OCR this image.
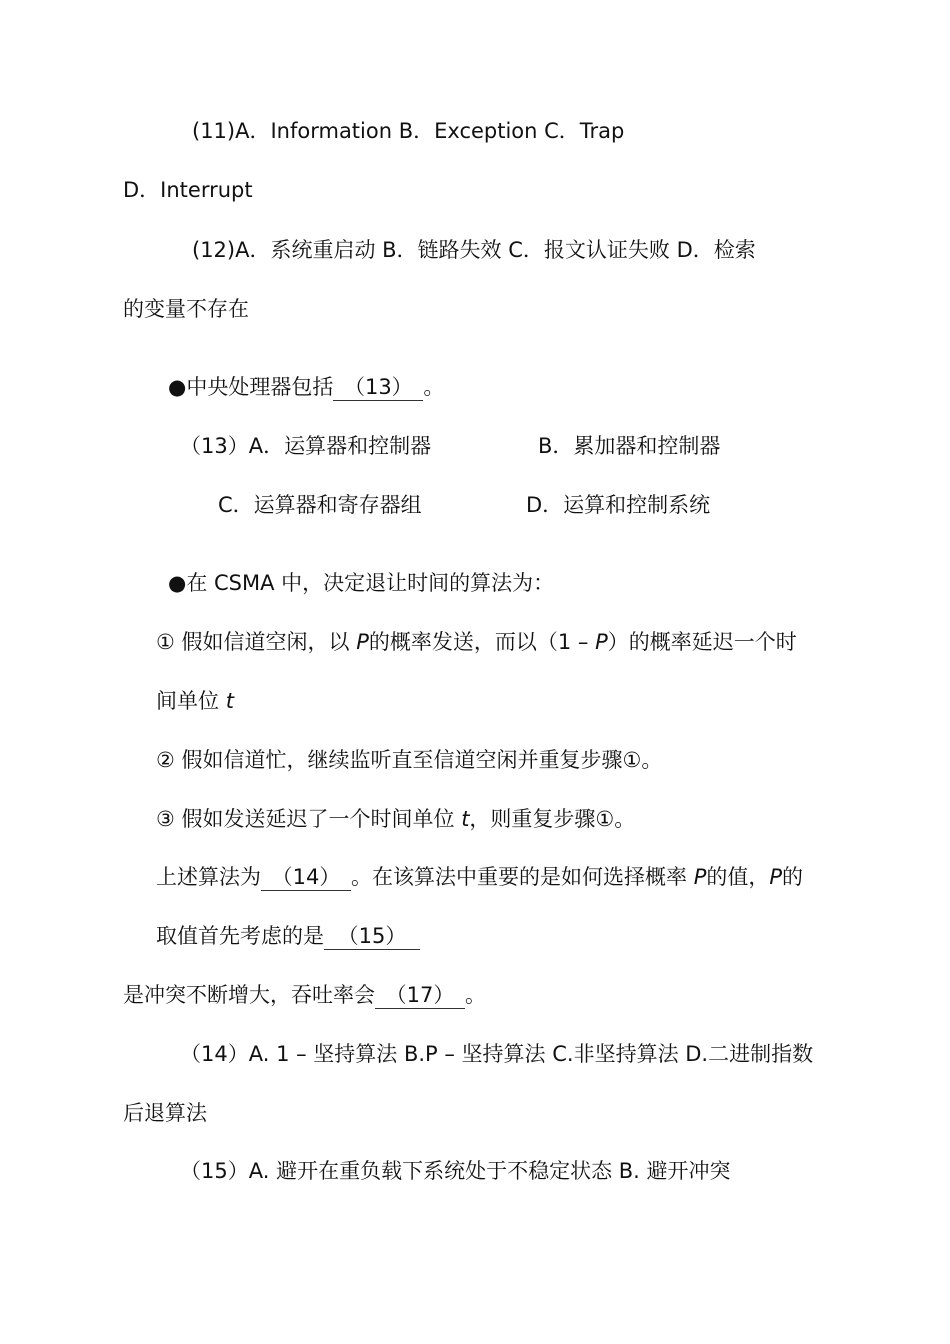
(11)A．Information B．Exception C．Trap
D．Interrupt
(12)A．系统重启动 B．链路失效 C．报文认证失败 D．检索
的变量不存在
●中央处理器包括 （13） 。
（13）A．运算器和控制器	B．累加器和控制器
C．运算器和寄存器组	D．运算和控制系统
●在 CSMA 中，决定退让时间的算法为：
① 假如信道空闲，以 P的概率发送，而以（1 – P）的概率延迟一个时
间单位 t
② 假如信道忙，继续监听直至信道空闲并重复步骤①。
③ 假如发送延迟了一个时间单位 t，则重复步骤①。
上述算法为 （14） 。在该算法中重要的是如何选择概率 P的值，P的
取值首先考虑的是 （15）
是冲突不断增大，吞吐率会 （17） 。
（14）A. 1 – 坚持算法 B.P – 坚持算法 C.非坚持算法 D.二进制指数
后退算法
（15）A. 避开在重负载下系统处于不稳定状态 B. 避开冲突
